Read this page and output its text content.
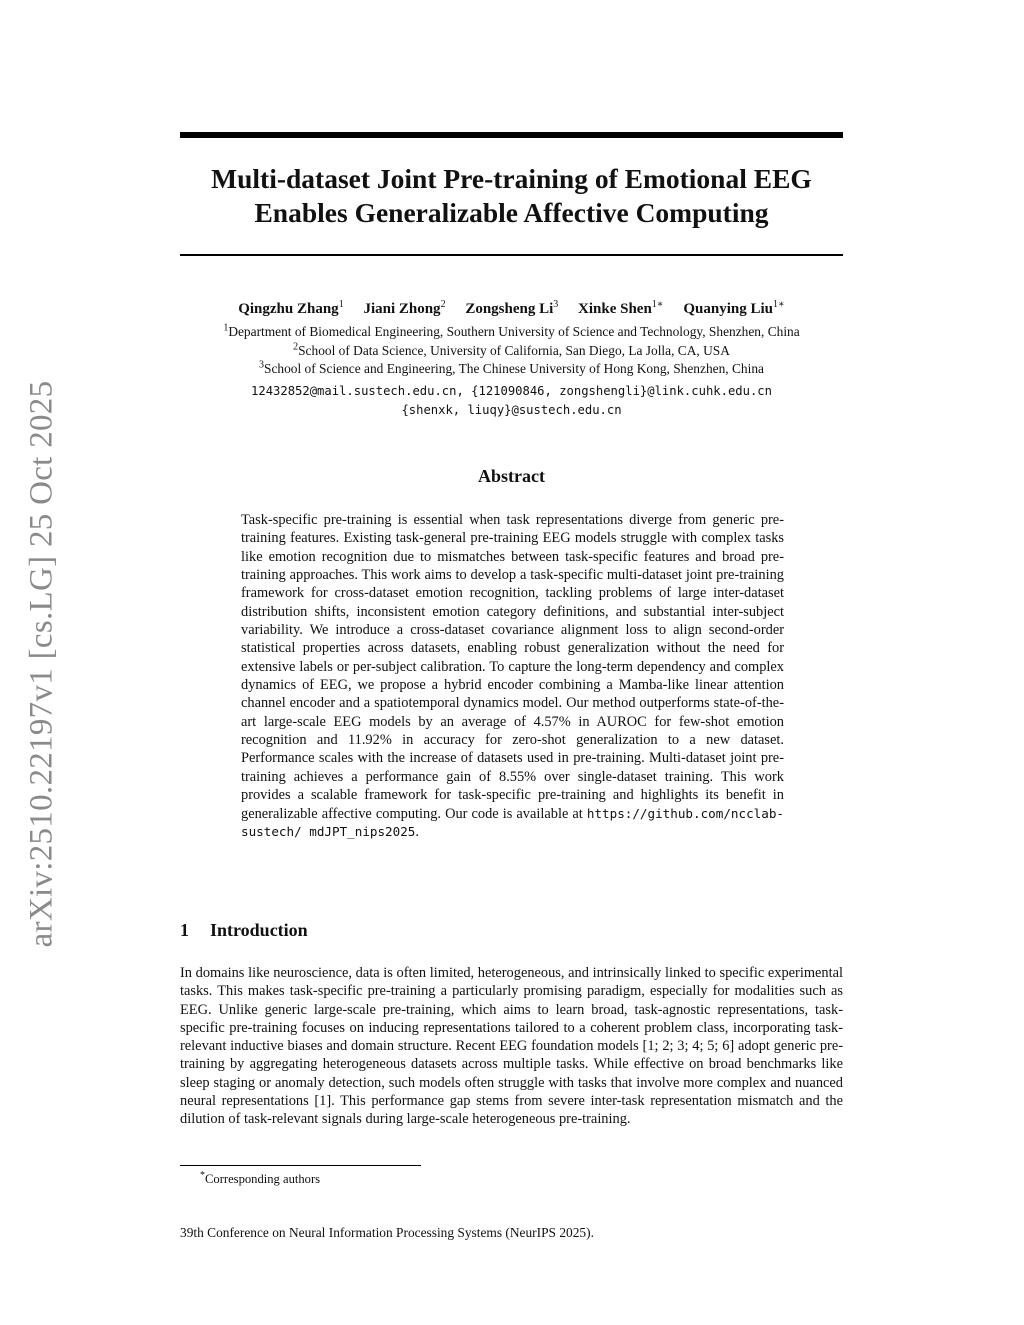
arXiv:2510.22197v1 [cs.LG] 25 Oct 2025
Multi-dataset Joint Pre-training of Emotional EEG
Enables Generalizable Affective Computing
Qingzhu Zhang$^1$ Jiani Zhong$^2$ Zongsheng Li$^3$ Xinke Shen$^{1∗}$ Quanying Liu$^{1∗}$
$^1$Department of Biomedical Engineering, Southern University of Science and Technology, Shenzhen, China
$^2$School of Data Science, University of California, San Diego, La Jolla, CA, USA
$^3$School of Science and Engineering, The Chinese University of Hong Kong, Shenzhen, China
12432852@mail.sustech.edu.cn, {121090846, zongshengli}@link.cuhk.edu.cn
{shenxk, liuqy}@sustech.edu.cn
Abstract

Task-specific pre-training is essential when task representations diverge from generic pre-training features. Existing task-general pre-training EEG models struggle with complex tasks like emotion recognition due to mismatches between task-specific features and broad pre-training approaches. This work aims to develop a task-specific multi-dataset joint pre-training framework for cross-dataset emotion recognition, tackling problems of large inter-dataset distribution shifts, inconsistent emotion category definitions, and substantial inter-subject variability. We introduce a cross-dataset covariance alignment loss to align second-order statistical properties across datasets, enabling robust generalization without the need for extensive labels or per-subject calibration. To capture the long-term dependency and complex dynamics of EEG, we propose a hybrid encoder combining a Mamba-like linear attention channel encoder and a spatiotemporal dynamics model. Our method outperforms state-of-the-art large-scale EEG models by an average of 4.57% in AUROC for few-shot emotion recognition and 11.92% in accuracy for zero-shot generalization to a new dataset. Performance scales with the increase of datasets used in pre-training. Multi-dataset joint pre-training achieves a performance gain of 8.55% over single-dataset training. This work provides a scalable framework for task-specific pre-training and highlights its benefit in generalizable affective computing. Our code is available at https://github.com/ncclab-sustech/ mdJPT_nips2025.

1 Introduction

In domains like neuroscience, data is often limited, heterogeneous, and intrinsically linked to specific experimental tasks. This makes task-specific pre-training a particularly promising paradigm, especially for modalities such as EEG. Unlike generic large-scale pre-training, which aims to learn broad, task-agnostic representations, task-specific pre-training focuses on inducing representations tailored to a coherent problem class, incorporating task-relevant inductive biases and domain structure. Recent EEG foundation models [1; 2; 3; 4; 5; 6] adopt generic pre-training by aggregating heterogeneous datasets across multiple tasks. While effective on broad benchmarks like sleep staging or anomaly detection, such models often struggle with tasks that involve more complex and nuanced neural representations [1]. This performance gap stems from severe inter-task representation mismatch and the dilution of task-relevant signals during large-scale heterogeneous pre-training.

*Corresponding authors
39th Conference on Neural Information Processing Systems (NeurIPS 2025).
